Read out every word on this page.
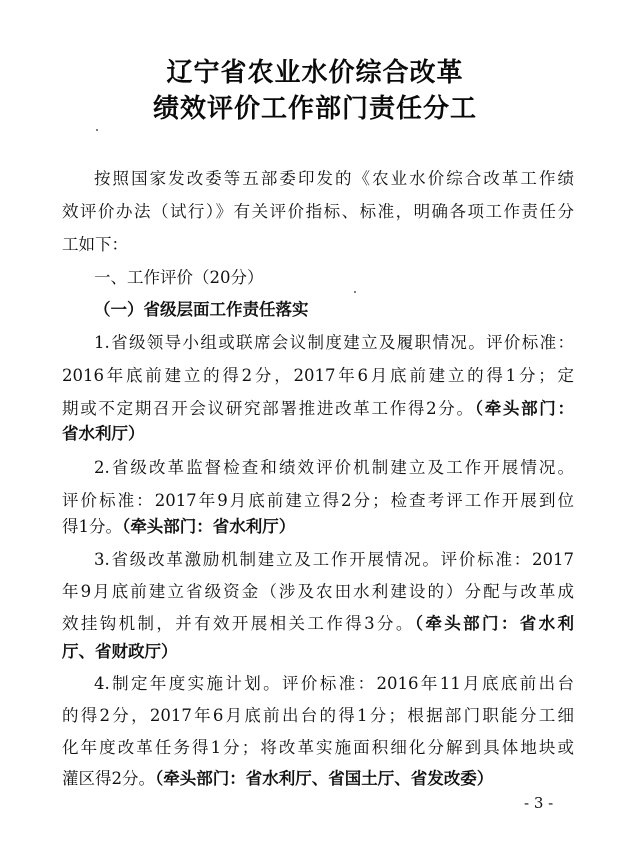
辽宁省农业水价综合改革
绩效评价工作部门责任分工
按照国家发改委等五部委印发的《农业水价综合改革工作绩
效评价办法（试行）》有关评价指标、标准，明确各项工作责任分
工如下：
一、工作评价（20分）
（一）省级层面工作责任落实
1.省级领导小组或联席会议制度建立及履职情况。评价标准：
2016年底前建立的得2分，2017年6月底前建立的得1分；定
期或不定期召开会议研究部署推进改革工作得2分。（牵头部门：
省水利厅）
2.省级改革监督检查和绩效评价机制建立及工作开展情况。
评价标准：2017年9月底前建立得2分；检查考评工作开展到位
得1分。（牵头部门：省水利厅）
3.省级改革激励机制建立及工作开展情况。评价标准：2017
年9月底前建立省级资金（涉及农田水利建设的）分配与改革成
效挂钩机制，并有效开展相关工作得3分。（牵头部门：省水利
厅、省财政厅）
4.制定年度实施计划。评价标准：2016年11月底底前出台
的得2分，2017年6月底前出台的得1分；根据部门职能分工细
化年度改革任务得1分；将改革实施面积细化分解到具体地块或
灌区得2分。（牵头部门：省水利厅、省国土厅、省发改委）
- 3 -
